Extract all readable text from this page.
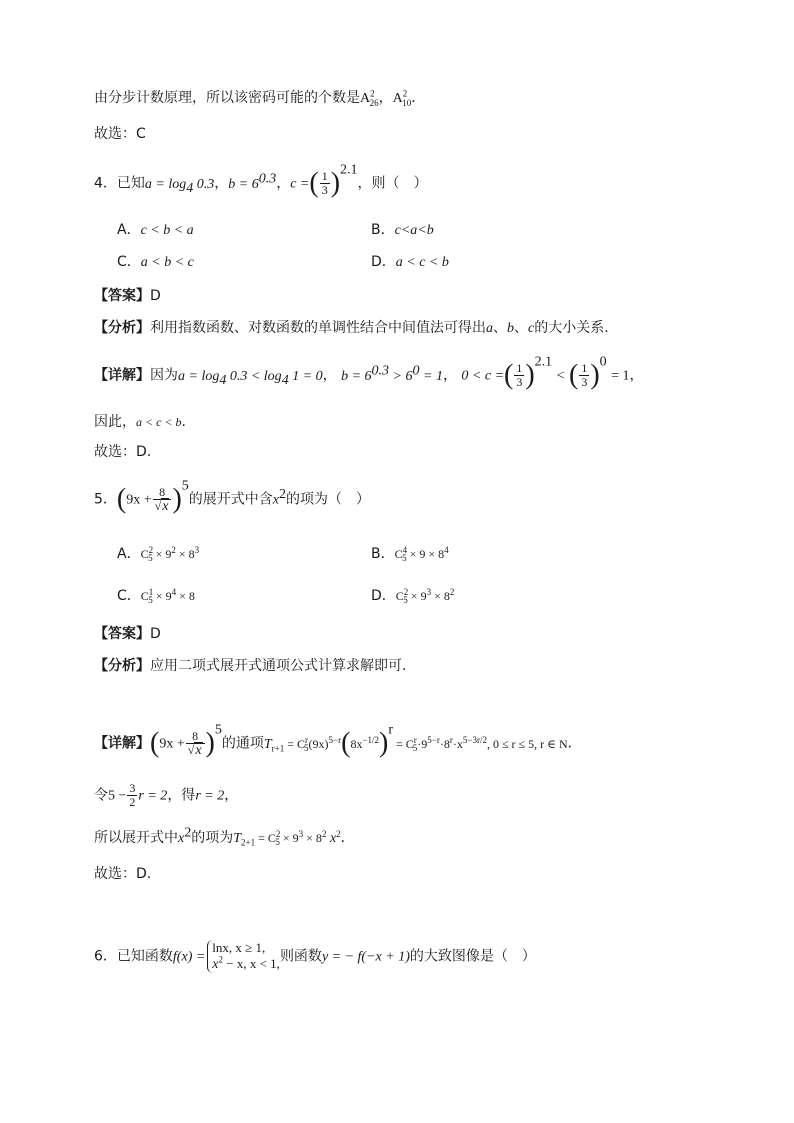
由分步计数原理，所以该密码可能的个数是$A^2_{26}$，$A^2_{10}$．
故选：C
4．已知$a = \log_4 0.3$，$b = 6^{0.3}$，c =( $\frac{1}{3} )^{2.1}$，则（　）
A．c < b < a	B．c<a<b
C．a < b < c	D．a < c < b
【答案】D
【分析】利用指数函数、对数函数的单调性结合中间值法可得出a、b、c的大小关系.
【详解】因为$a = \log_4 0.3 < \log_4 1 = 0$， $b = 6^{0.3} > 6^0 = 1$， 0 < c =( $\frac{1}{3} )^{2.1}$ < ( $\frac{1}{3} )^0 = 1$，
因此，a < c < b.
故选：D.
5．$(9x + \frac{8}{√x} )^5$的展开式中含$x^2$的项为（　）
A．$C^2_5 \times 9^2 \times 8^3$	B．$C^4_5 \times 9 \times 8^4$
C．$C^1_5 \times 9^4 \times 8$	D．$C^2_5 \times 9^3 \times 8^2$
【答案】D
【分析】应用二项式展开式通项公式计算求解即可.
【详解】$(9x + \frac{8}{√x} )^5$的通项$T_{r+1} = C^r_5(9x)^{5-r}(8x^{-1/2})^r = C^r_5\cdot 9^{5-r}\cdot 8^r\cdot x^{5-3r/2}$, 0 ≤ r ≤ 5, r ∈ N．
令$5 - \frac{3}{2}$ r = 2，得r = 2，
所以展开式中$x^2$的项为$T_{2+1} = C^2_5 \times 9^3 \times 8^2$ $x^2$．
故选：D.
6．已知函数f(x) =
lnx, x ≥ 1,
$x^2 - x$, x < 1, 则函数y = − f(−x + 1)的大致图像是（　）
